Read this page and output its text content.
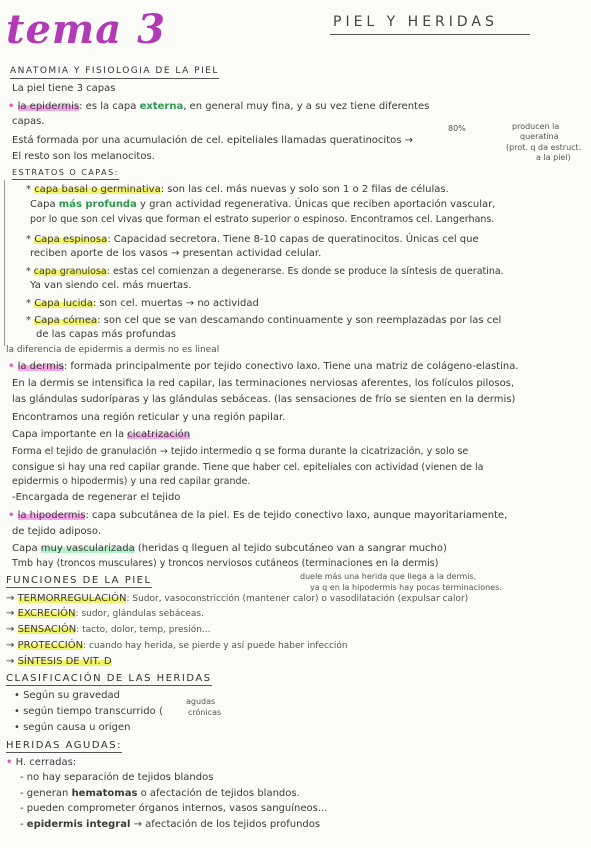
tema 3	PIEL Y HERIDAS
ANATOMIA Y FISIOLOGIA DE LA PIEL
La piel tiene 3 capas
• la epidermis: es la capa externa, en general muy fina, y a su vez tiene diferentes
capas.
Está formada por una acumulación de cel. epiteliales llamadas queratinocitos →
80%	producen la
queratina
(prot. q da estruct.
a la piel)
El resto son los melanocitos.
ESTRATOS O CAPAS:
* capa basal o germinativa: son las cel. más nuevas y solo son 1 o 2 filas de células.
Capa más profunda y gran actividad regenerativa. Únicas que reciben aportación vascular,
por lo que son cel vivas que forman el estrato superior o espinoso. Encontramos cel. Langerhans.
* Capa espinosa: Capacidad secretora. Tiene 8-10 capas de queratinocitos. Únicas cel que
reciben aporte de los vasos → presentan actividad celular.
* capa granulosa: estas cel comienzan a degenerarse. Es donde se produce la síntesis de queratina.
Ya van siendo cel. más muertas.
* Capa lucida: son cel. muertas → no actividad
* Capa córnea: son cel que se van descamando continuamente y son reemplazadas por las cel
de las capas más profundas
la diferencia de epidermis a dermis no es lineal
• la dermis: formada principalmente por tejido conectivo laxo. Tiene una matriz de colágeno-elastina.
En la dermis se intensifica la red capilar, las terminaciones nerviosas aferentes, los folículos pilosos,
las glándulas sudoríparas y las glándulas sebáceas. (las sensaciones de frío se sienten en la dermis)
Encontramos una región reticular y una región papilar.
Capa importante en la cicatrización
Forma el tejido de granulación → tejido intermedio q se forma durante la cicatrización, y solo se
consigue si hay una red capilar grande. Tiene que haber cel. epiteliales con actividad (vienen de la
epidermis o hipodermis) y una red capilar grande.
-Encargada de regenerar el tejido
• la hipodermis: capa subcutánea de la piel. Es de tejido conectivo laxo, aunque mayoritariamente,
de tejido adiposo.
Capa muy vascularizada (heridas q lleguen al tejido subcutáneo van a sangrar mucho)
Tmb hay (troncos musculares) y troncos nerviosos cutáneos (terminaciones en la dermis)
duele más una herida que llega a la dermis,
ya q en la hipodermis hay pocas terminaciones.
FUNCIONES DE LA PIEL
→ TERMORREGULACIÓN: Sudor, vasoconstricción (mantener calor) o vasodilatación (expulsar calor)
→ EXCRECIÓN: sudor, glándulas sebáceas.
→ SENSACIÓN: tacto, dolor, temp, presión...
→ PROTECCIÓN: cuando hay herida, se pierde y así puede haber infección
→ SÍNTESIS DE VIT. D
CLASIFICACIÓN DE LAS HERIDAS
• Según su gravedad
• según tiempo transcurrido ⟨
agudas
crónicas
• según causa u origen
HERIDAS AGUDAS:
• H. cerradas:
- no hay separación de tejidos blandos
- generan hematomas o afectación de tejidos blandos.
- pueden comprometer órganos internos, vasos sanguíneos...
- epidermis integral → afectación de los tejidos profundos
